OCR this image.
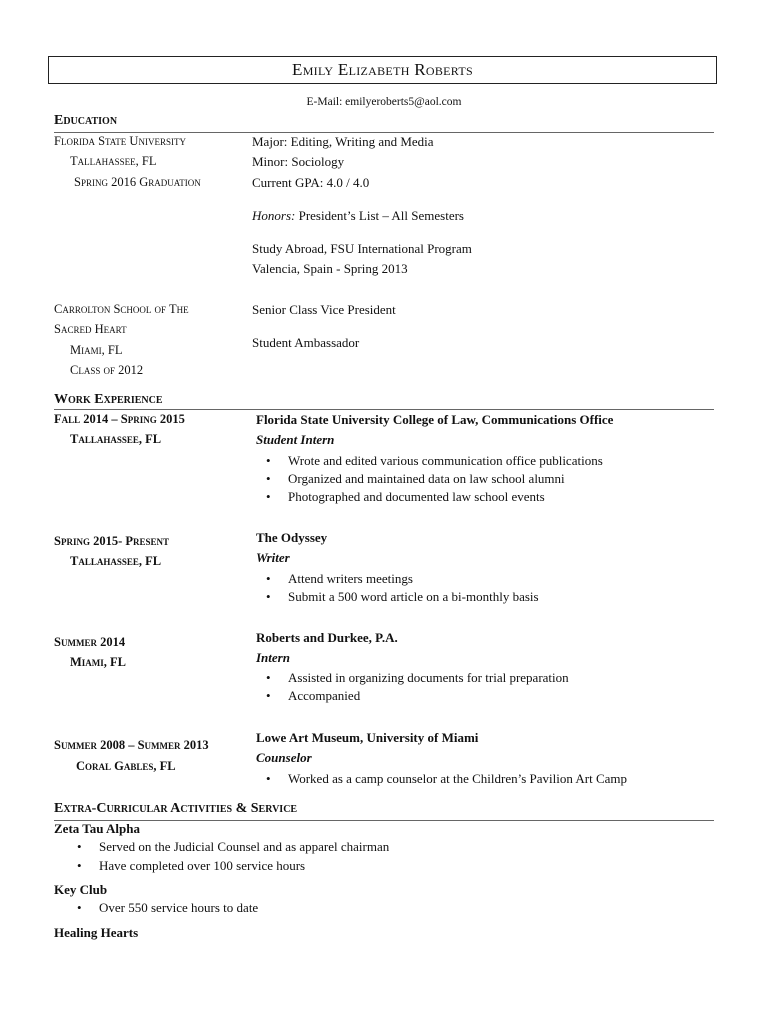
Emily Elizabeth Roberts
E-Mail: emilyeroberts5@aol.com
Education
Florida State University
Tallahassee, FL
Spring 2016 Graduation
Major: Editing, Writing and Media
Minor: Sociology
Current GPA: 4.0 / 4.0
Honors: President’s List – All Semesters
Study Abroad, FSU International Program
Valencia, Spain - Spring 2013
Carrolton School of The
Sacred Heart
Miami, FL
Class of 2012
Senior Class Vice President
Student Ambassador
Work Experience
Fall 2014 – Spring 2015
Tallahassee, FL
Florida State University College of Law, Communications Office
Student Intern
• Wrote and edited various communication office publications
• Organized and maintained data on law school alumni
• Photographed and documented law school events
Spring 2015- Present
Tallahassee, FL
The Odyssey
Writer
• Attend writers meetings
• Submit a 500 word article on a bi-monthly basis
Summer 2014
Miami, FL
Roberts and Durkee, P.A.
Intern
• Assisted in organizing documents for trial preparation
• Accompanied
Summer 2008 – Summer 2013
Coral Gables, FL
Lowe Art Museum, University of Miami
Counselor
• Worked as a camp counselor at the Children’s Pavilion Art Camp
Extra-Curricular Activities & Service
Zeta Tau Alpha
• Served on the Judicial Counsel and as apparel chairman
• Have completed over 100 service hours
Key Club
• Over 550 service hours to date
Healing Hearts
